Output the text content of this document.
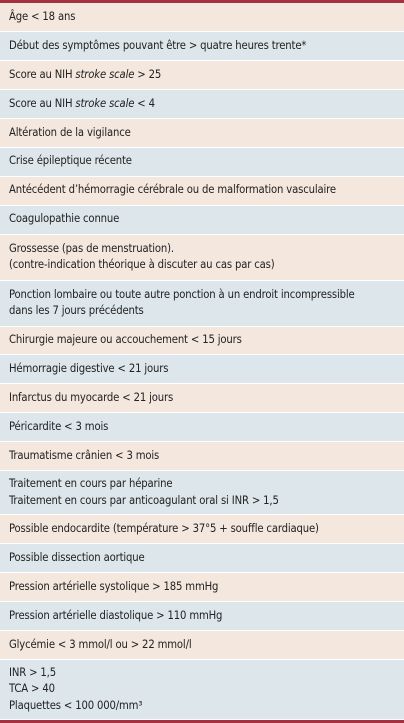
Âge < 18 ans
Début des symptômes pouvant être > quatre heures trente*
Score au NIH stroke scale > 25
Score au NIH stroke scale < 4
Altération de la vigilance
Crise épileptique récente
Antécédent d’hémorragie cérébrale ou de malformation vasculaire
Coagulopathie connue
Grossesse (pas de menstruation).
(contre-indication théorique à discuter au cas par cas)
Ponction lombaire ou toute autre ponction à un endroit incompressible
dans les 7 jours précédents
Chirurgie majeure ou accouchement < 15 jours
Hémorragie digestive < 21 jours
Infarctus du myocarde < 21 jours
Péricardite < 3 mois
Traumatisme crânien < 3 mois
Traitement en cours par héparine
Traitement en cours par anticoagulant oral si INR > 1,5
Possible endocardite (température > 37°5 + souffle cardiaque)
Possible dissection aortique
Pression artérielle systolique > 185 mmHg
Pression artérielle diastolique > 110 mmHg
Glycémie < 3 mmol/l ou > 22 mmol/l
INR > 1,5
TCA > 40
Plaquettes < 100 000/mm³
